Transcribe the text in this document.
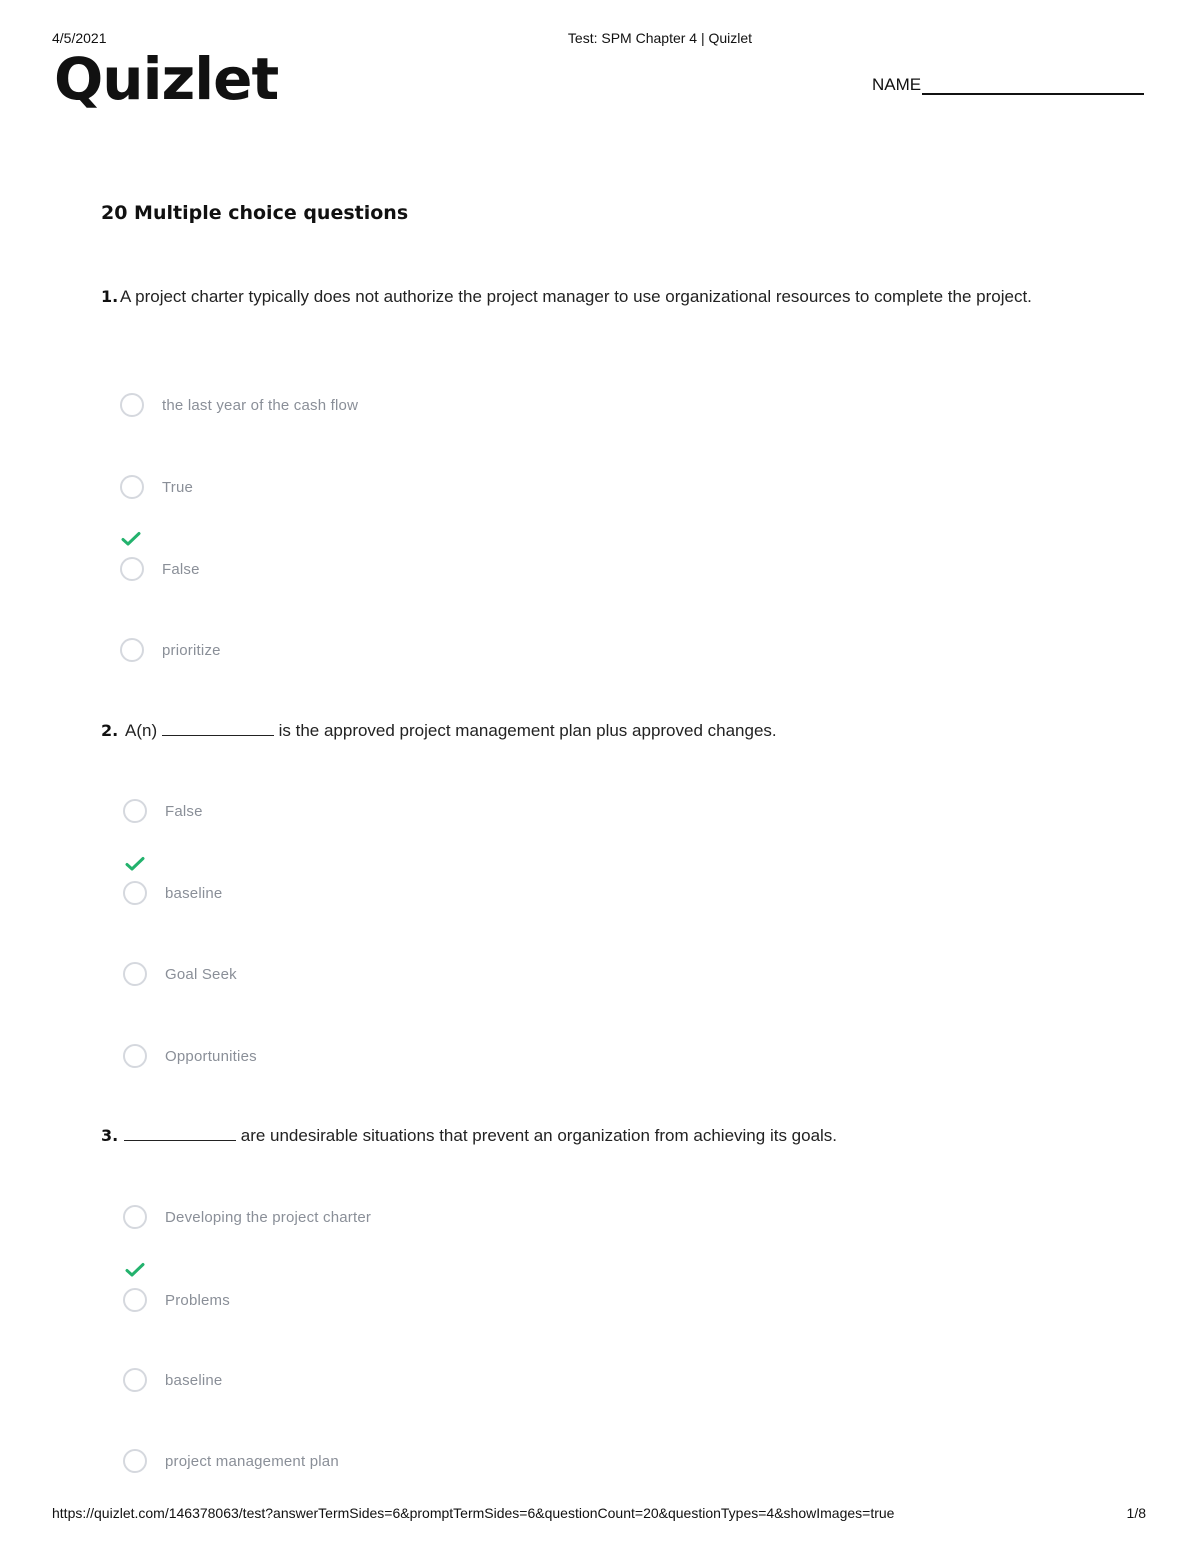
4/5/2021	Test: SPM Chapter 4 | Quizlet
Quizlet	NAME
20 Multiple choice questions
1. A project charter typically does not authorize the project manager to use organizational resources to complete the project.
the last year of the cash flow
True
False
prioritize
2. A(n)	is the approved project management plan plus approved changes.
False
baseline
Goal Seek
Opportunities
3.	are undesirable situations that prevent an organization from achieving its goals.
Developing the project charter
Problems
baseline
project management plan
https://quizlet.com/146378063/test?answerTermSides=6&promptTermSides=6&questionCount=20&questionTypes=4&showImages=true	1/8
